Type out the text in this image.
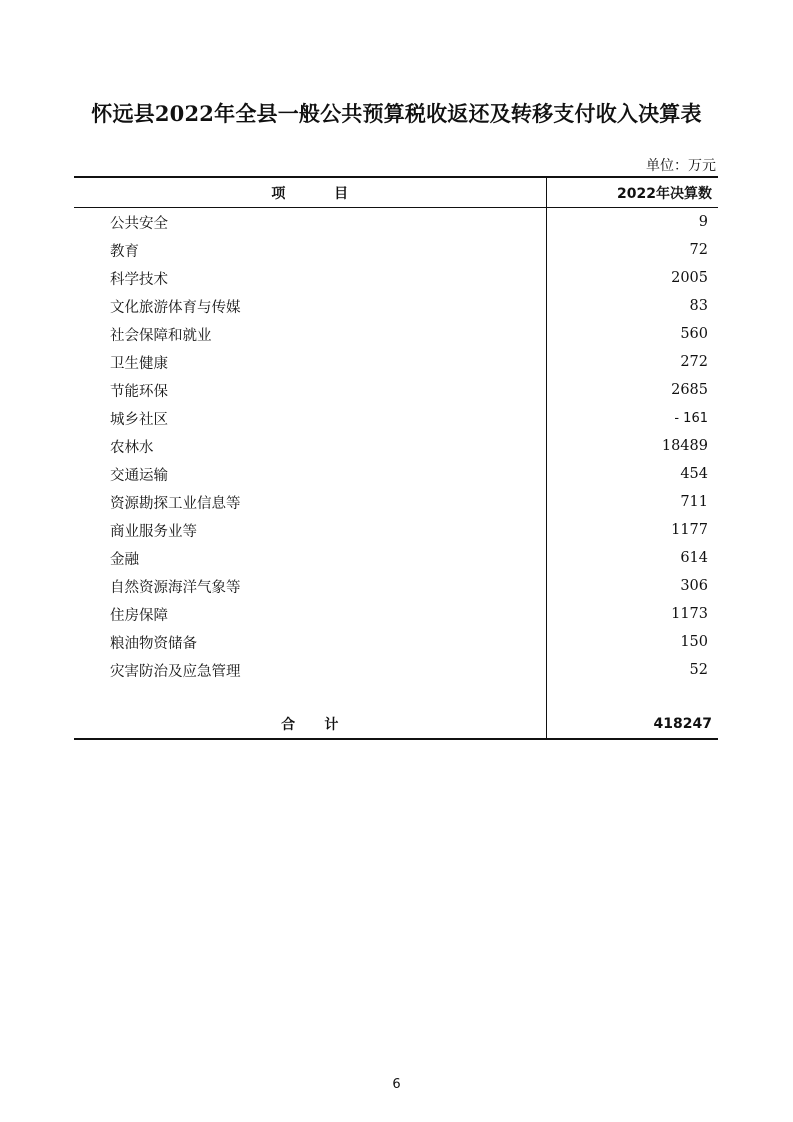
怀远县2022年全县一般公共预算税收返还及转移支付收入决算表
单位：万元
项          目	2022年决算数
公共安全	9
教育	72
科学技术	2005
文化旅游体育与传媒	83
社会保障和就业	560
卫生健康	272
节能环保	2685
城乡社区	- 161
农林水	18489
交通运输	454
资源勘探工业信息等	711
商业服务业等	1177
金融	614
自然资源海洋气象等	306
住房保障	1173
粮油物资储备	150
灾害防治及应急管理	52

合      计	418247
6
